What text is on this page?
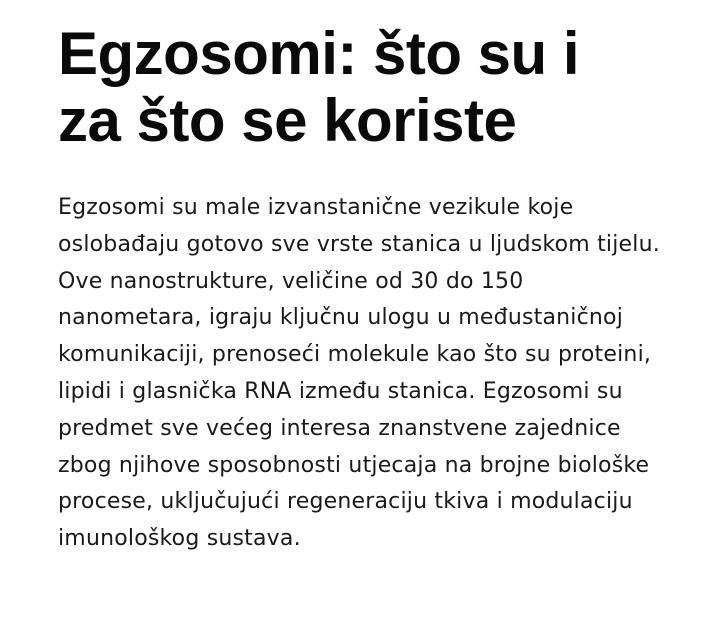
Egzosomi: što su i za što se koriste

Egzosomi su male izvanstanične vezikule koje oslobađaju gotovo sve vrste stanica u ljudskom tijelu. Ove nanostrukture, veličine od 30 do 150 nanometara, igraju ključnu ulogu u međustaničnoj komunikaciji, prenoseći molekule kao što su proteini, lipidi i glasnička RNA između stanica. Egzosomi su predmet sve većeg interesa znanstvene zajednice zbog njihove sposobnosti utjecaja na brojne biološke procese, uključujući regeneraciju tkiva i modulaciju imunološkog sustava.
